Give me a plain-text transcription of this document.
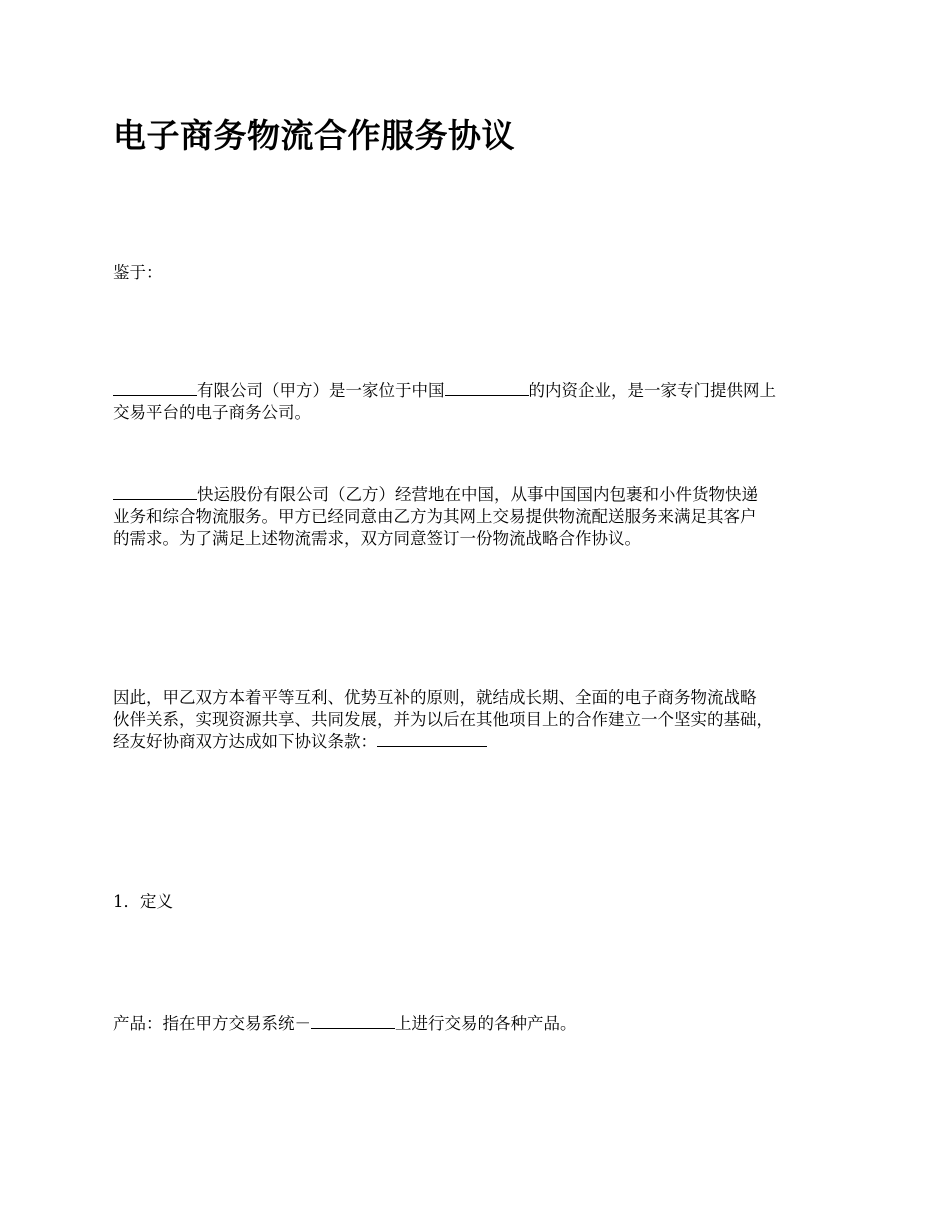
电子商务物流合作服务协议

鉴于：

有限公司（甲方）是一家位于中国	的内资企业，是一家专门提供网上
交易平台的电子商务公司。

快运股份有限公司（乙方）经营地在中国，从事中国国内包裹和小件货物快递
业务和综合物流服务。甲方已经同意由乙方为其网上交易提供物流配送服务来满足其客户
的需求。为了满足上述物流需求，双方同意签订一份物流战略合作协议。

因此，甲乙双方本着平等互利、优势互补的原则，就结成长期、全面的电子商务物流战略
伙伴关系，实现资源共享、共同发展，并为以后在其他项目上的合作建立一个坚实的基础，
经友好协商双方达成如下协议条款：

1．定义

产品：指在甲方交易系统－	上进行交易的各种产品。
